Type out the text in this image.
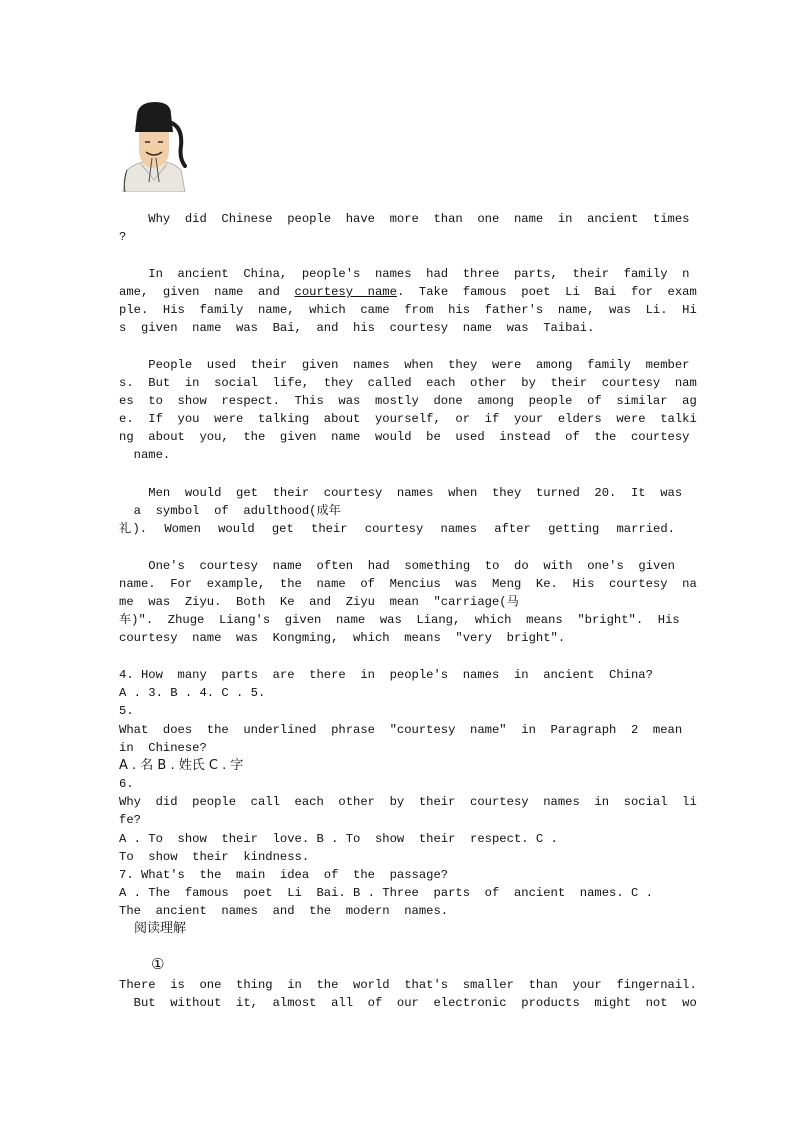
Why  did  Chinese  people  have  more  than  one  name  in  ancient  times
?
In  ancient  China,  people's  names  had  three  parts,  their  family  n
ame,  given  name  and  courtesy  name.  Take  famous  poet  Li  Bai  for  exam
ple.  His  family  name,  which  came  from  his  father's  name,  was  Li.  Hi
s  given  name  was  Bai,  and  his  courtesy  name  was  Taibai.
People  used  their  given  names  when  they  were  among  family  member
s.  But  in  social  life,  they  called  each  other  by  their  courtesy  nam
es  to  show  respect.  This  was  mostly  done  among  people  of  similar  ag
e.  If  you  were  talking  about  yourself,  or  if  your  elders  were  talki
ng  about  you,  the  given  name  would  be  used  instead  of  the  courtesy
name.
Men  would  get  their  courtesy  names  when  they  turned  20.  It  was
a  symbol  of  adulthood(成年
礼).  Women  would  get  their  courtesy  names  after  getting  married.
One's  courtesy  name  often  had  something  to  do  with  one's  given
name.  For  example,  the  name  of  Mencius  was  Meng  Ke.  His  courtesy  na
me  was  Ziyu.  Both  Ke  and  Ziyu  mean  "carriage(马
车)".  Zhuge  Liang's  given  name  was  Liang,  which  means  "bright".  His
courtesy  name  was  Kongming,  which  means  "very  bright".
4. How  many  parts  are  there  in  people's  names  in  ancient  China?
A . 3. B . 4. C . 5.
5.
What  does  the  underlined  phrase  "courtesy  name"  in  Paragraph  2  mean
in  Chinese?
A . 名 B . 姓氏 C . 字
6.
Why  did  people  call  each  other  by  their  courtesy  names  in  social  li
fe?
A . To  show  their  love. B . To  show  their  respect. C .
To  show  their  kindness.
7. What's  the  main  idea  of  the  passage?
A . The  famous  poet  Li  Bai. B . Three  parts  of  ancient  names. C .
The  ancient  names  and  the  modern  names.
阅读理解
①
There  is  one  thing  in  the  world  that's  smaller  than  your  fingernail.
But  without  it,  almost  all  of  our  electronic  products  might  not  wo
